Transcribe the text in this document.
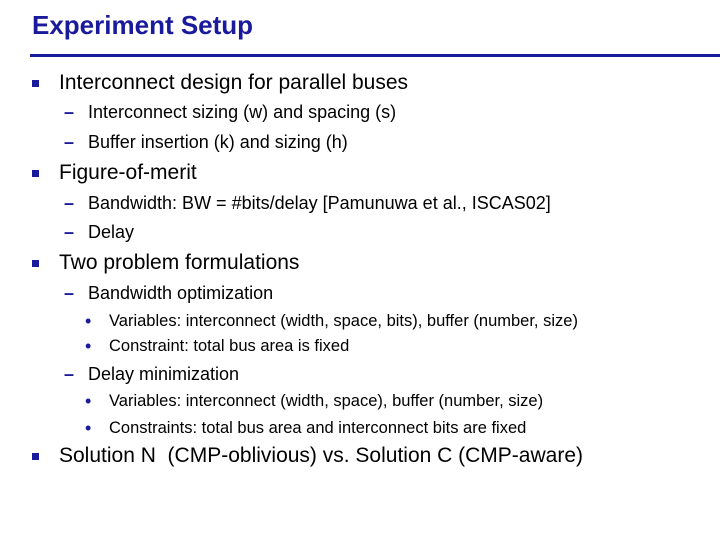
Experiment Setup
Interconnect design for parallel buses
– Interconnect sizing (w) and spacing (s)
– Buffer insertion (k) and sizing (h)
Figure-of-merit
– Bandwidth: BW = #bits/delay [Pamunuwa et al., ISCAS02]
– Delay
Two problem formulations
– Bandwidth optimization
• Variables: interconnect (width, space, bits), buffer (number, size)
• Constraint: total bus area is fixed
– Delay minimization
• Variables: interconnect (width, space), buffer (number, size)
• Constraints: total bus area and interconnect bits are fixed
Solution N  (CMP-oblivious) vs. Solution C (CMP-aware)
